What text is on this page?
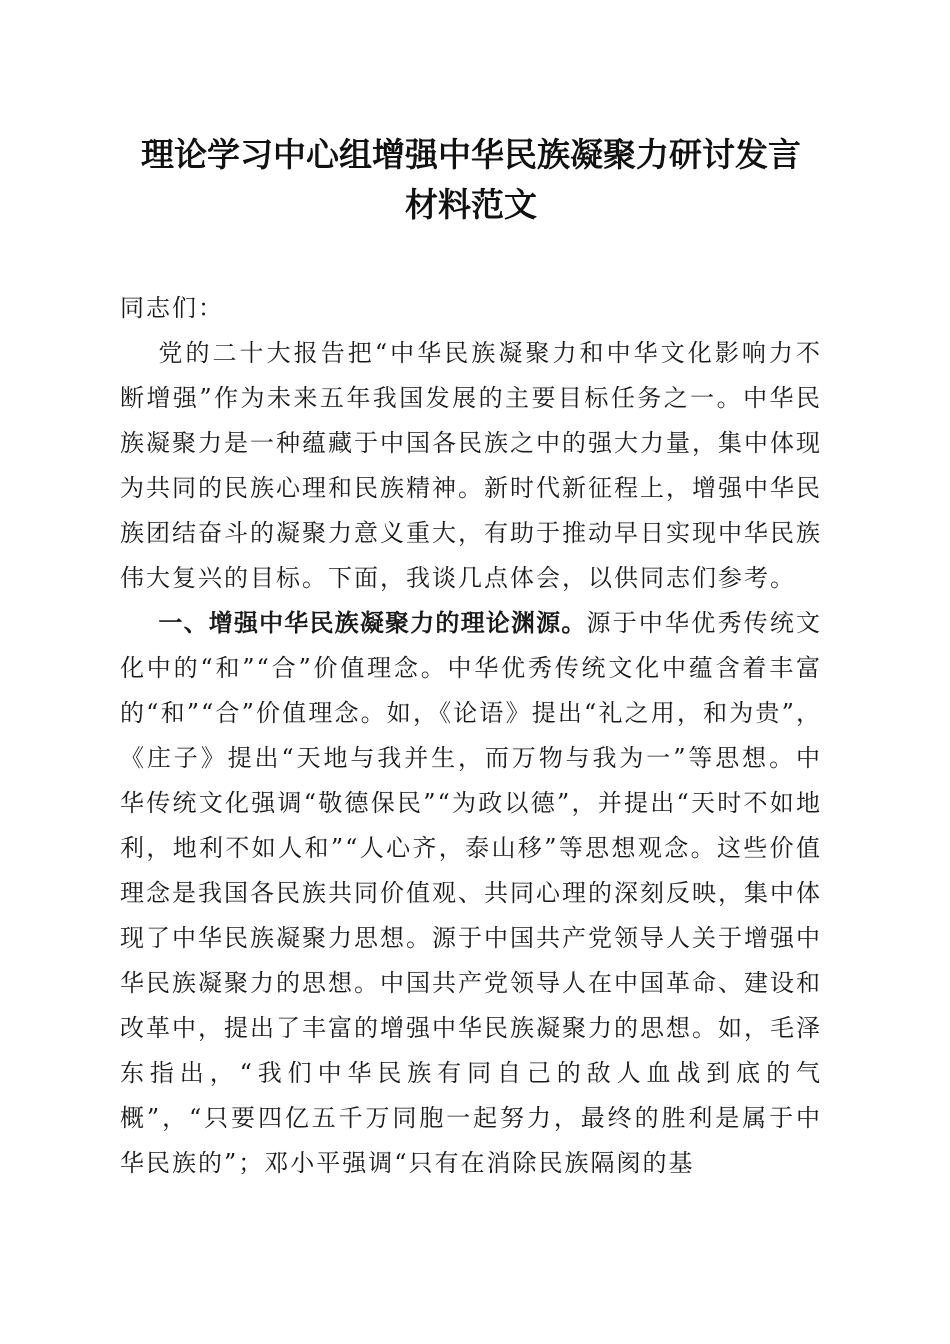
理论学习中心组增强中华民族凝聚力研讨发言
材料范文

同志们：

党的二十大报告把“中华民族凝聚力和中华文化影响力不断增强”作为未来五年我国发展的主要目标任务之一。中华民族凝聚力是一种蕴藏于中国各民族之中的强大力量，集中体现为共同的民族心理和民族精神。新时代新征程上，增强中华民族团结奋斗的凝聚力意义重大，有助于推动早日实现中华民族伟大复兴的目标。下面，我谈几点体会，以供同志们参考。

一、增强中华民族凝聚力的理论渊源。源于中华优秀传统文化中的“和”“合”价值理念。中华优秀传统文化中蕴含着丰富的“和”“合”价值理念。如，《论语》提出“礼之用，和为贵”，《庄子》提出“天地与我并生，而万物与我为一”等思想。中华传统文化强调“敬德保民”“为政以德”，并提出“天时不如地利，地利不如人和”“人心齐，泰山移”等思想观念。这些价值理念是我国各民族共同价值观、共同心理的深刻反映，集中体现了中华民族凝聚力思想。源于中国共产党领导人关于增强中华民族凝聚力的思想。中国共产党领导人在中国革命、建设和改革中，提出了丰富的增强中华民族凝聚力的思想。如，毛泽东指出，“我们中华民族有同自己的敌人血战到底的气概”，“只要四亿五千万同胞一起努力，最终的胜利是属于中华民族的”；邓小平强调“只有在消除民族隔阂的基
